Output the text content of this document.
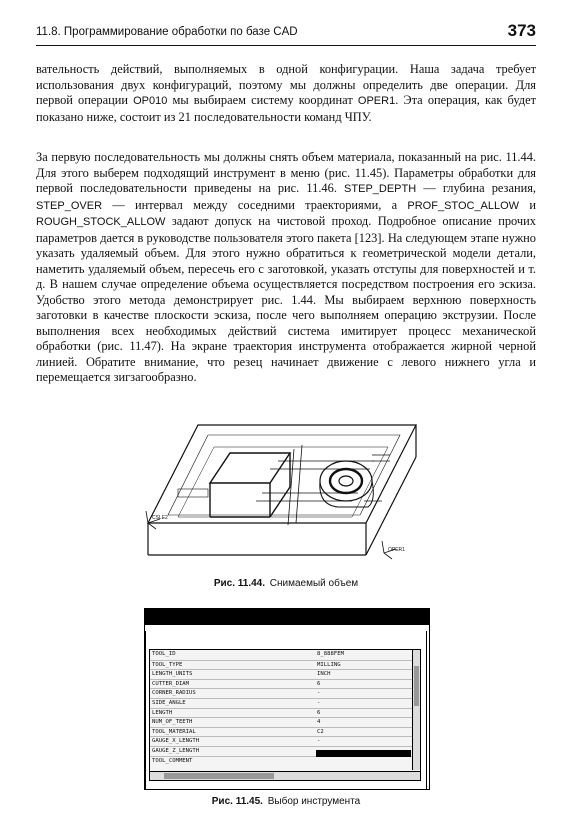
11.8. Программирование обработки по базе CAD	373

вательность действий, выполняемых в одной конфигурации. Наша задача требует использования двух конфигураций, поэтому мы должны определить две операции. Для первой операции OP010 мы выбираем систему координат OPER1. Эта операция, как будет показано ниже, состоит из 21 последовательности команд ЧПУ.

За первую последовательность мы должны снять объем материала, показанный на рис. 11.44. Для этого выберем подходящий инструмент в меню (рис. 11.45). Параметры обработки для первой последовательности приведены на рис. 11.46. STEP_DEPTH — глубина резания, STEP_OVER — интервал между соседними траекториями, а PROF_STOC_ALLOW и ROUGH_STOCK_ALLOW задают допуск на чистовой проход. Подробное описание прочих параметров дается в руководстве пользователя этого пакета [123]. На следующем этапе нужно указать удаляемый объем. Для этого нужно обратиться к геометрической модели детали, наметить удаляемый объем, пересечь его с заготовкой, указать отступы для поверхностей и т. д. В нашем случае определение объема осуществляется посредством построения его эскиза. Удобство этого метода демонстрирует рис. 1.44. Мы выбираем верхнюю поверхность заготовки в качестве плоскости эскиза, после чего выполняем операцию экструзии. После выполнения всех необходимых действий система имитирует процесс механической обработки (рис. 11.47). На экране траектория инструмента отображается жирной черной линией. Обратите внимание, что резец начинает движение с левого нижнего угла и перемещается зигзагообразно.

CSLE2
OPER1
Рис. 11.44. Снимаемый объем
TOOL_ID	8_888FEM
TOOL_TYPE	MILLING
LENGTH_UNITS	INCH
CUTTER_DIAM	6
CORNER_RADIUS	-
SIDE_ANGLE	-
LENGTH	6
NUM_OF_TEETH	4
TOOL_MATERIAL	C2
GAUGE_X_LENGTH	-
GAUGE_Z_LENGTH
TOOL_COMMENT
Рис. 11.45. Выбор инструмента
